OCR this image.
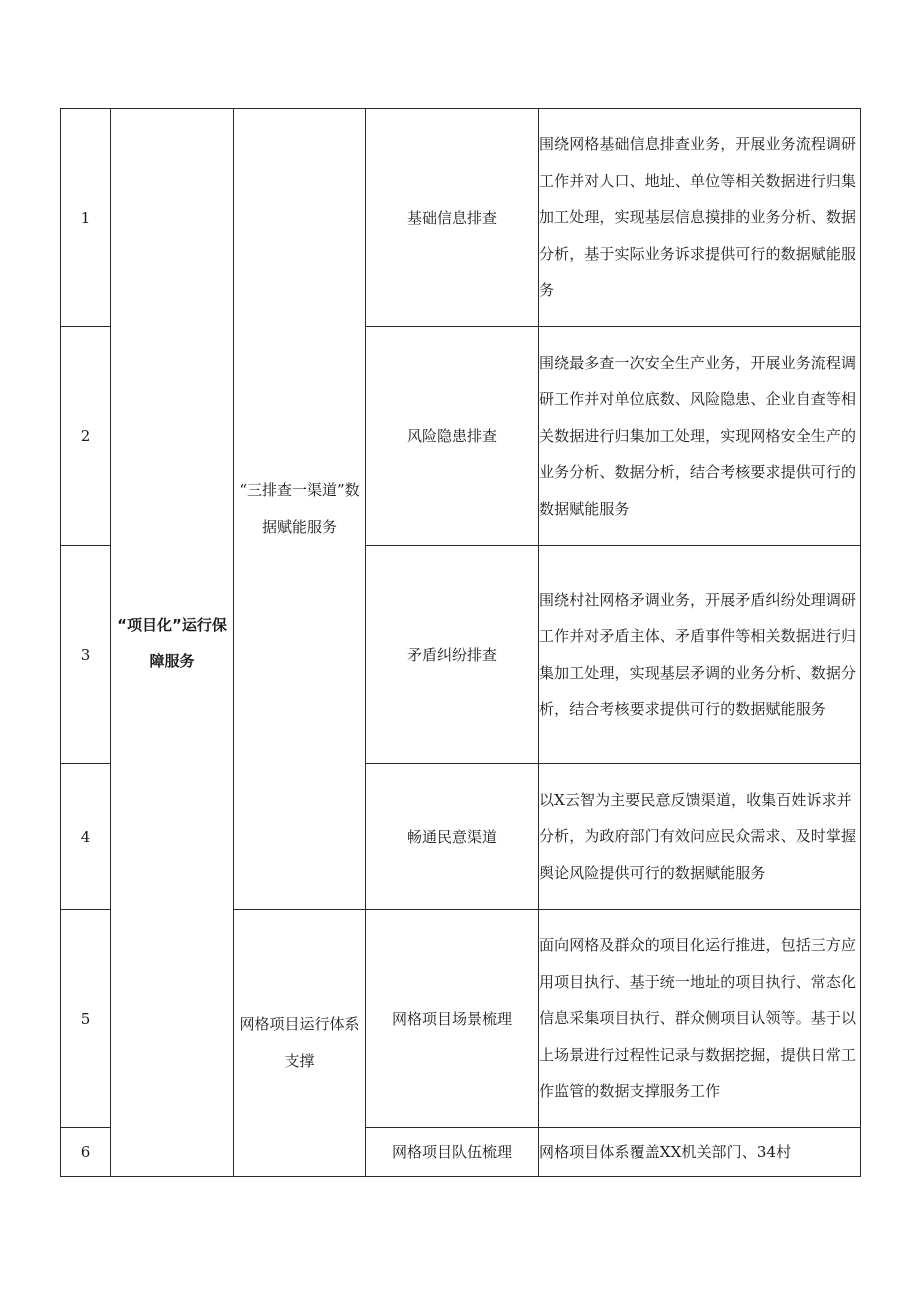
1	“项目化”运行保障服务	“三排查一渠道”数据赋能服务	基础信息排查	围绕网格基础信息排查业务，开展业务流程调研工作并对人口、地址、单位等相关数据进行归集加工处理，实现基层信息摸排的业务分析、数据分析，基于实际业务诉求提供可行的数据赋能服务
2			风险隐患排查	围绕最多查一次安全生产业务，开展业务流程调研工作并对单位底数、风险隐患、企业自查等相关数据进行归集加工处理，实现网格安全生产的业务分析、数据分析，结合考核要求提供可行的数据赋能服务
3			矛盾纠纷排查	围绕村社网格矛调业务，开展矛盾纠纷处理调研工作并对矛盾主体、矛盾事件等相关数据进行归集加工处理，实现基层矛调的业务分析、数据分析，结合考核要求提供可行的数据赋能服务
4			畅通民意渠道	以X云智为主要民意反馈渠道，收集百姓诉求并分析，为政府部门有效问应民众需求、及时掌握舆论风险提供可行的数据赋能服务
5		网格项目运行体系支撑	网格项目场景梳理	面向网格及群众的项目化运行推进，包括三方应用项目执行、基于统一地址的项目执行、常态化信息采集项目执行、群众侧项目认领等。基于以上场景进行过程性记录与数据挖掘，提供日常工作监管的数据支撑服务工作
6			网格项目队伍梳理	网格项目体系覆盖XX机关部门、34村
